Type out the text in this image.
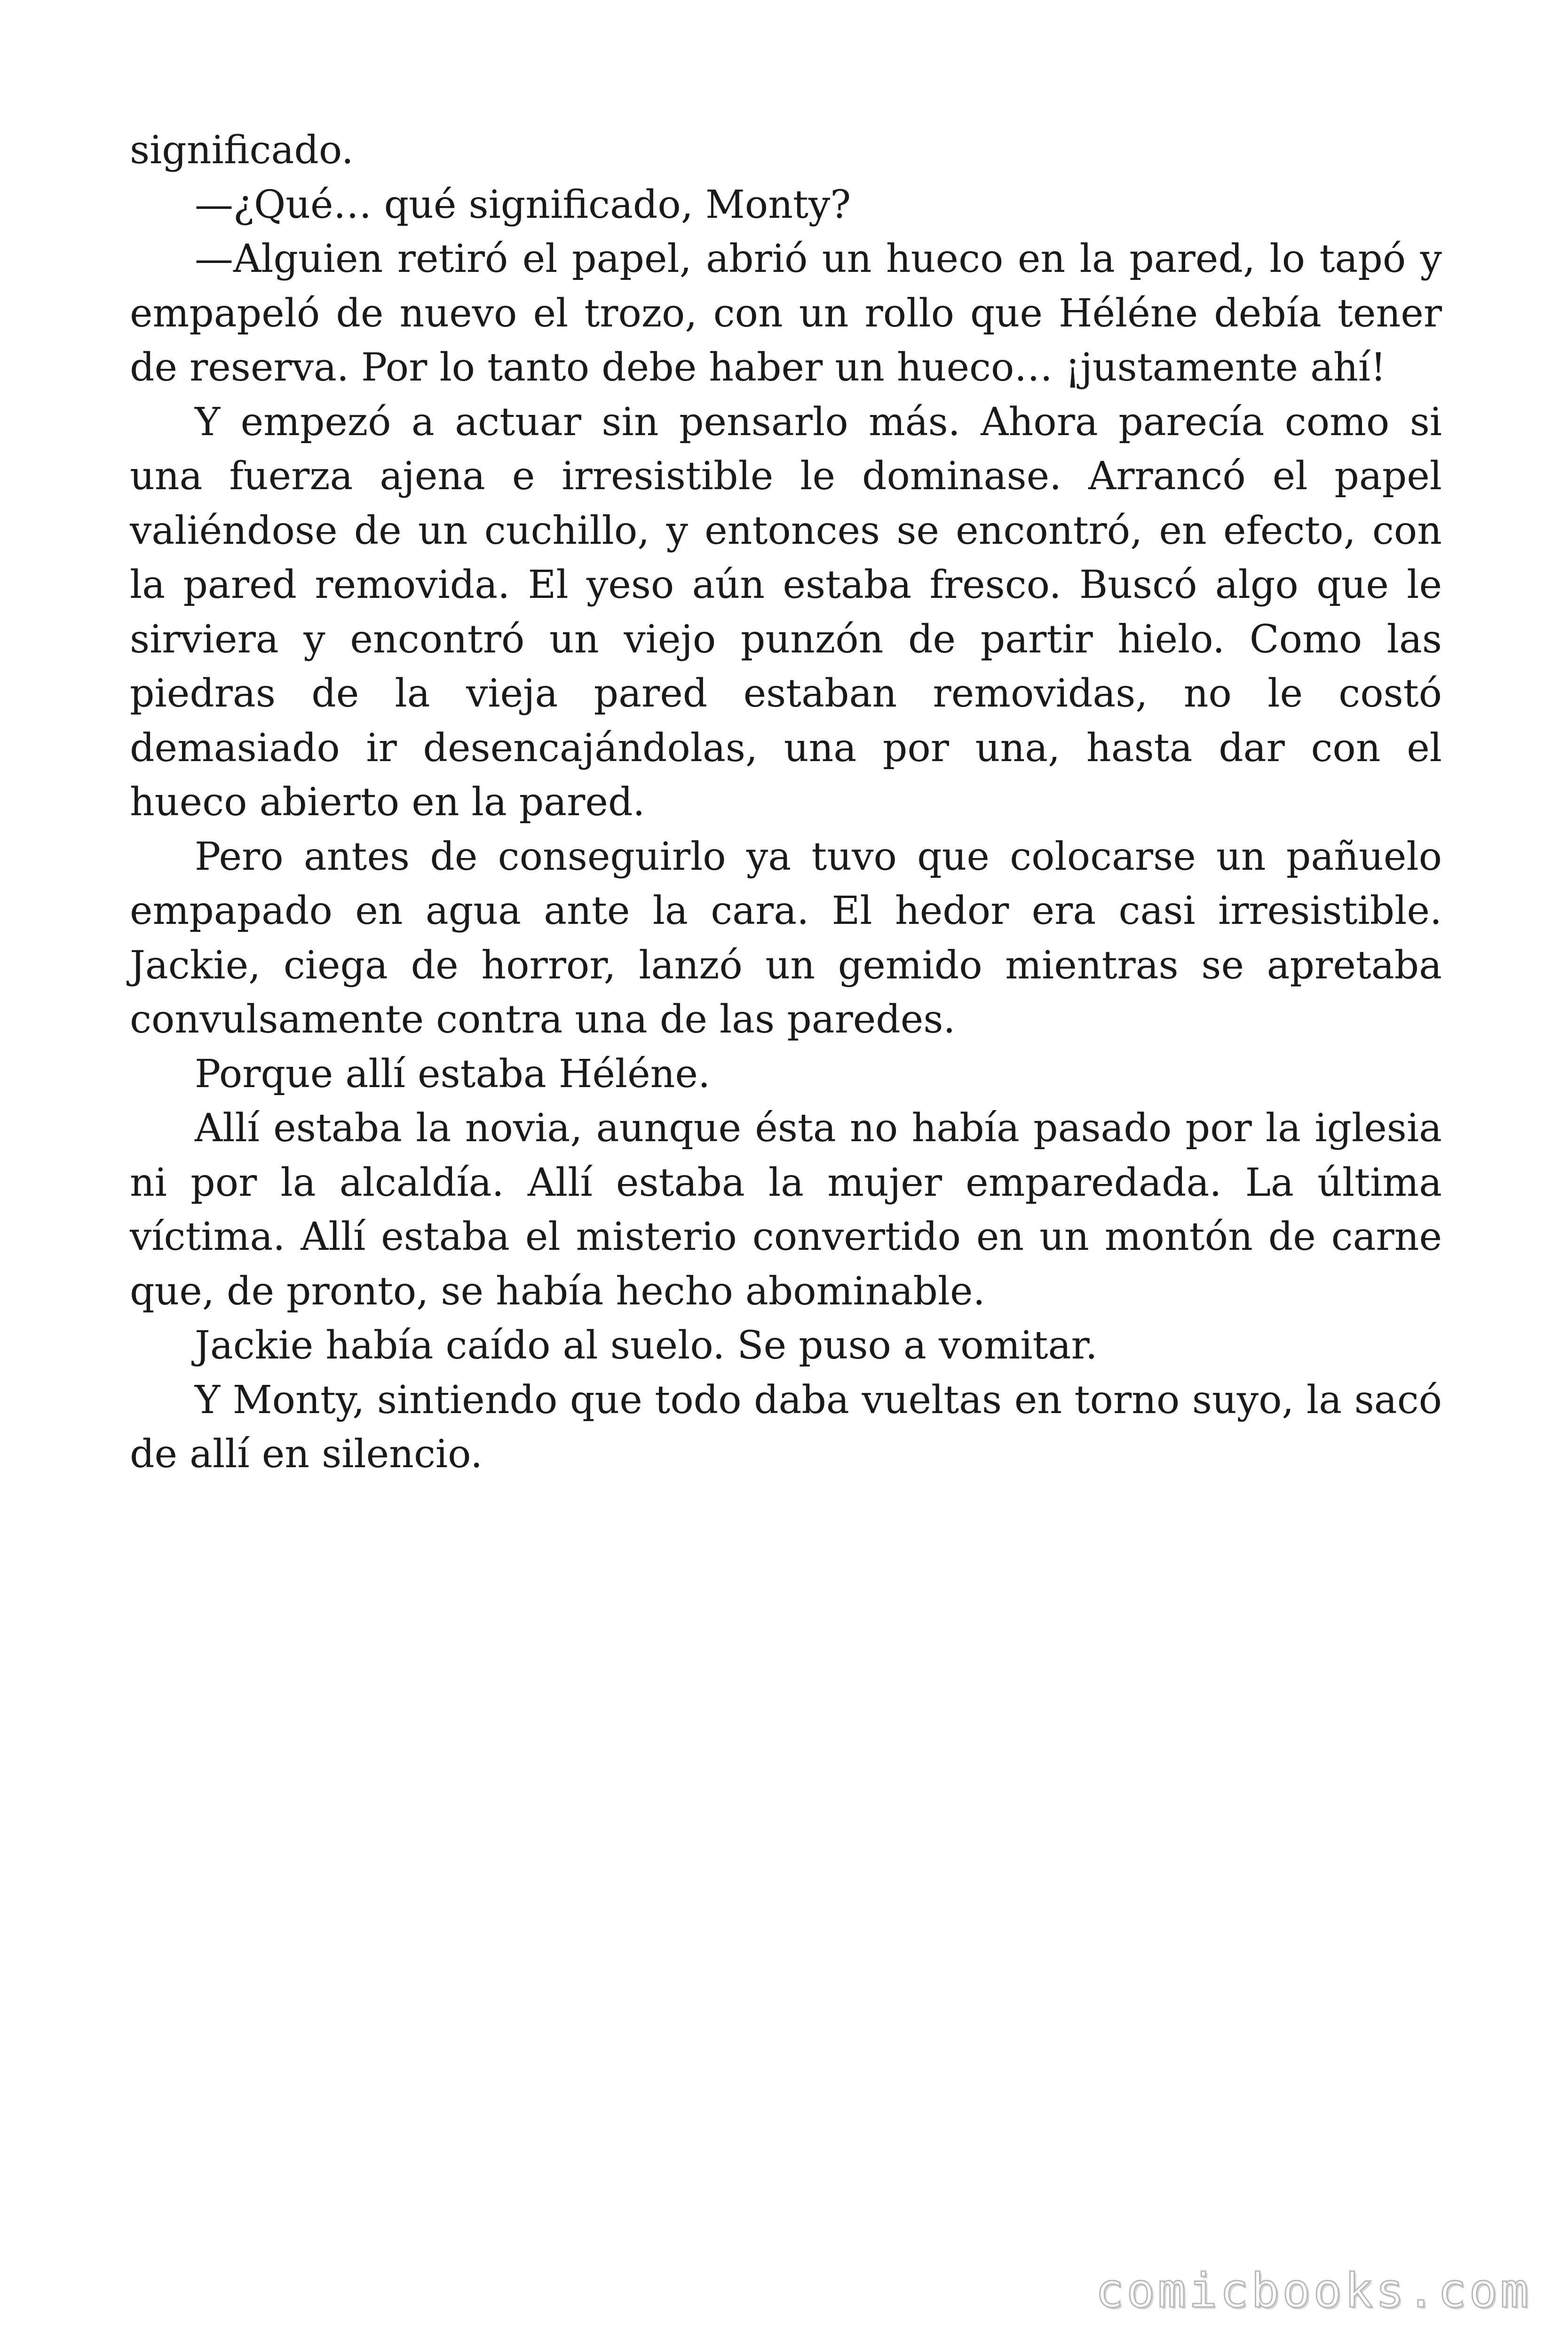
significado.

—¿Qué… qué significado, Monty?

—Alguien retiró el papel, abrió un hueco en la pared, lo tapó y empapeló de nuevo el trozo, con un rollo que Héléne debía tener de reserva. Por lo tanto debe haber un hueco… ¡justamente ahí!

Y empezó a actuar sin pensarlo más. Ahora parecía como si una fuerza ajena e irresistible le dominase. Arrancó el papel valiéndose de un cuchillo, y entonces se encontró, en efecto, con la pared removida. El yeso aún estaba fresco. Buscó algo que le sirviera y encontró un viejo punzón de partir hielo. Como las piedras de la vieja pared estaban removidas, no le costó demasiado ir desencajándolas, una por una, hasta dar con el hueco abierto en la pared.

Pero antes de conseguirlo ya tuvo que colocarse un pañuelo empapado en agua ante la cara. El hedor era casi irresistible. Jackie, ciega de horror, lanzó un gemido mientras se apretaba convulsamente contra una de las paredes.

Porque allí estaba Héléne.

Allí estaba la novia, aunque ésta no había pasado por la iglesia ni por la alcaldía. Allí estaba la mujer emparedada. La última víctima. Allí estaba el misterio convertido en un montón de carne que, de pronto, se había hecho abominable.

Jackie había caído al suelo. Se puso a vomitar.

Y Monty, sintiendo que todo daba vueltas en torno suyo, la sacó de allí en silencio.

comicbooks.com
